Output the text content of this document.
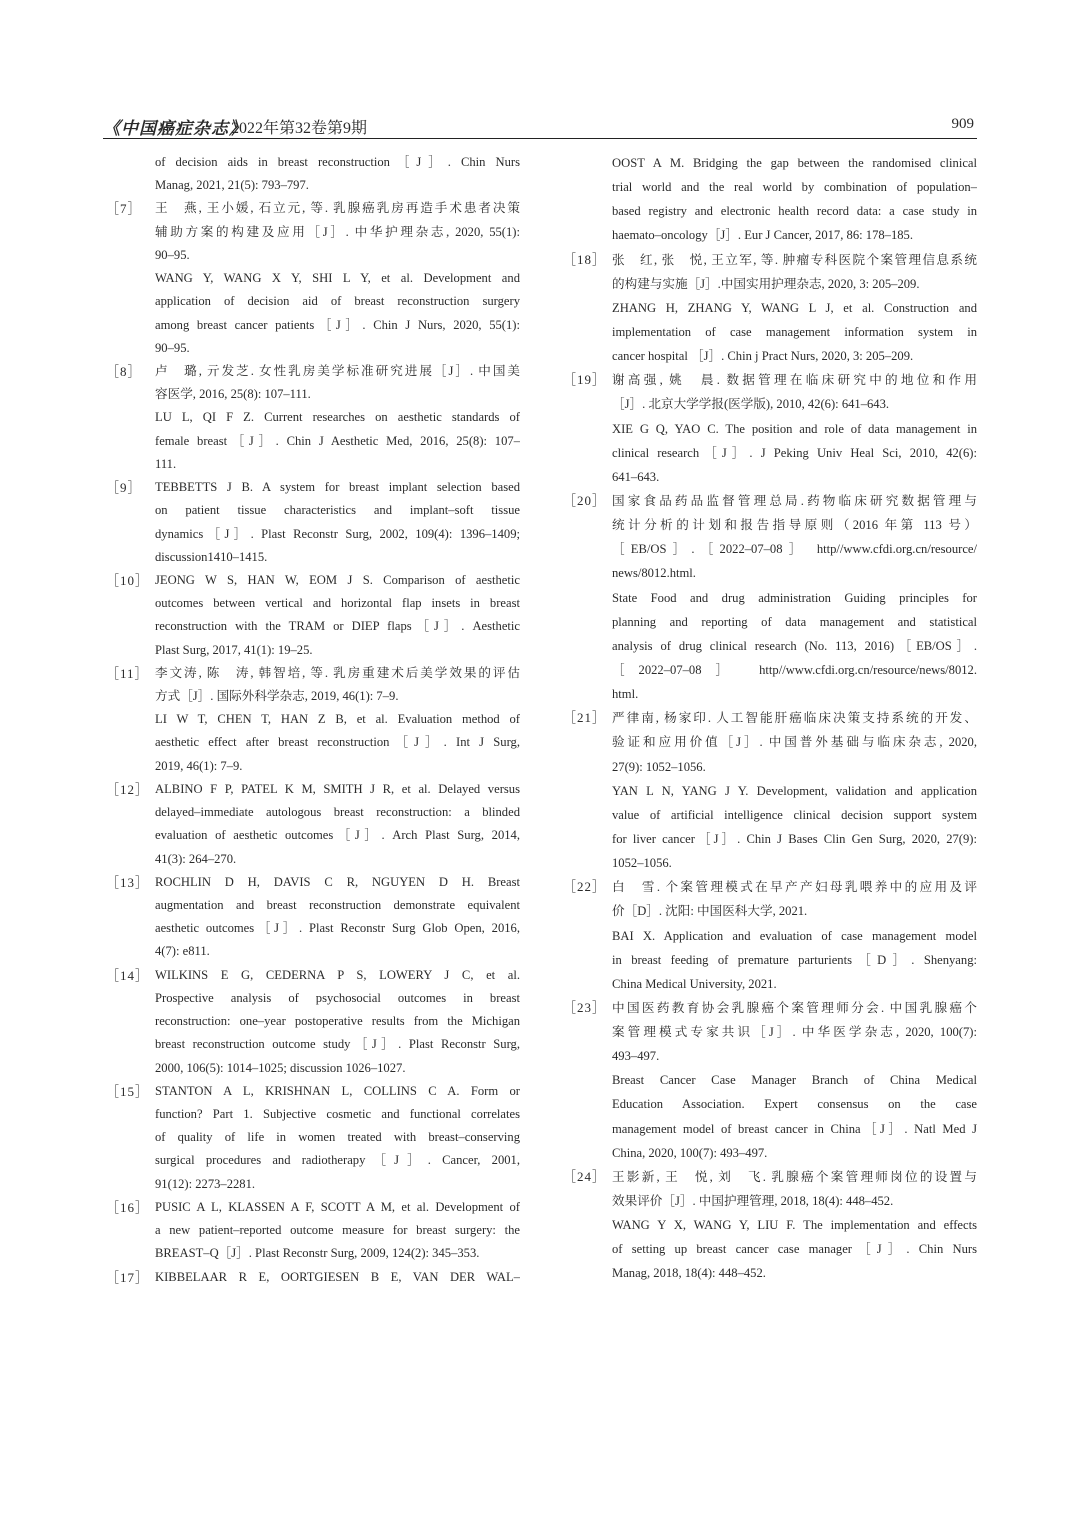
《中国癌症杂志》
2022年第32卷第9期	909
of decision aids in breast reconstruction［J］. Chin Nurs
Manag, 2021, 21(5): 793–797.
［7］ 王　燕, 王小媛, 石立元, 等. 乳腺癌乳房再造手术患者决策
辅助方案的构建及应用［J］. 中华护理杂志, 2020, 55(1):
90–95.
WANG Y, WANG X Y, SHI L Y, et al. Development and
application of decision aid of breast reconstruction surgery
among breast cancer patients［J］. Chin J Nurs, 2020, 55(1):
90–95.
［8］ 卢　璐, 亓发芝. 女性乳房美学标准研究进展［J］. 中国美
容医学, 2016, 25(8): 107–111.
LU L, QI F Z. Current researches on aesthetic standards of
female breast［J］. Chin J Aesthetic Med, 2016, 25(8): 107–
111.
［9］ TEBBETTS J B. A system for breast implant selection based
on patient tissue characteristics and implant–soft tissue
dynamics［J］. Plast Reconstr Surg, 2002, 109(4): 1396–1409;
discussion1410–1415.
［10］ JEONG W S, HAN W, EOM J S. Comparison of aesthetic
outcomes between vertical and horizontal flap insets in breast
reconstruction with the TRAM or DIEP flaps［J］. Aesthetic
Plast Surg, 2017, 41(1): 19–25.
［11］ 李文涛, 陈　涛, 韩智培, 等. 乳房重建术后美学效果的评估
方式［J］. 国际外科学杂志, 2019, 46(1): 7–9.
LI W T, CHEN T, HAN Z B, et al. Evaluation method of
aesthetic effect after breast reconstruction［J］. Int J Surg,
2019, 46(1): 7–9.
［12］ ALBINO F P, PATEL K M, SMITH J R, et al. Delayed versus
delayed–immediate autologous breast reconstruction: a blinded
evaluation of aesthetic outcomes［J］. Arch Plast Surg, 2014,
41(3): 264–270.
［13］ ROCHLIN D H, DAVIS C R, NGUYEN D H. Breast
augmentation and breast reconstruction demonstrate equivalent
aesthetic outcomes［J］. Plast Reconstr Surg Glob Open, 2016,
4(7): e811.
［14］ WILKINS E G, CEDERNA P S, LOWERY J C, et al.
Prospective analysis of psychosocial outcomes in breast
reconstruction: one–year postoperative results from the Michigan
breast reconstruction outcome study［J］. Plast Reconstr Surg,
2000, 106(5): 1014–1025; discussion 1026–1027.
［15］ STANTON A L, KRISHNAN L, COLLINS C A. Form or
function? Part 1. Subjective cosmetic and functional correlates
of quality of life in women treated with breast–conserving
surgical procedures and radiotherapy［J］. Cancer, 2001,
91(12): 2273–2281.
［16］ PUSIC A L, KLASSEN A F, SCOTT A M, et al. Development of
a new patient–reported outcome measure for breast surgery: the
BREAST–Q［J］. Plast Reconstr Surg, 2009, 124(2): 345–353.
［17］ KIBBELAAR R E, OORTGIESEN B E, VAN DER WAL–
OOST A M. Bridging the gap between the randomised clinical
trial world and the real world by combination of population–
based registry and electronic health record data: a case study in
haemato–oncology［J］. Eur J Cancer, 2017, 86: 178–185.
［18］ 张　红, 张　悦, 王立军, 等. 肿瘤专科医院个案管理信息系统
的构建与实施［J］.中国实用护理杂志, 2020, 3: 205–209.
ZHANG H, ZHANG Y, WANG L J, et al. Construction and
implementation of case management information system in
cancer hospital ［J］. Chin j Pract Nurs, 2020, 3: 205–209.
［19］ 谢高强, 姚　晨. 数据管理在临床研究中的地位和作用
［J］. 北京大学学报(医学版), 2010, 42(6): 641–643.
XIE G Q, YAO C. The position and role of data management in
clinical research［J］. J Peking Univ Heal Sci, 2010, 42(6):
641–643.
［20］ 国家食品药品监督管理总局.药物临床研究数据管理与
统计分析的计划和报告指导原则（2016 年第 113 号）
［EB/OS］.［2022–07–08］ http//www.cfdi.org.cn/resource/
news/8012.html.
State Food and drug administration Guiding principles for
planning and reporting of data management and statistical
analysis of drug clinical research (No. 113, 2016)［EB/OS］.
［2022–07–08］ http//www.cfdi.org.cn/resource/news/8012.
html.
［21］ 严律南, 杨家印. 人工智能肝癌临床决策支持系统的开发、
验证和应用价值［J］. 中国普外基础与临床杂志, 2020,
27(9): 1052–1056.
YAN L N, YANG J Y. Development, validation and application
value of artificial intelligence clinical decision support system
for liver cancer［J］. Chin J Bases Clin Gen Surg, 2020, 27(9):
1052–1056.
［22］ 白　雪. 个案管理模式在早产产妇母乳喂养中的应用及评
价［D］. 沈阳: 中国医科大学, 2021.
BAI X. Application and evaluation of case management model
in breast feeding of premature parturients［D］. Shenyang:
China Medical University, 2021.
［23］ 中国医药教育协会乳腺癌个案管理师分会. 中国乳腺癌个
案管理模式专家共识［J］. 中华医学杂志, 2020, 100(7):
493–497.
Breast Cancer Case Manager Branch of China Medical
Education Association. Expert consensus on the case
management model of breast cancer in China［J］. Natl Med J
China, 2020, 100(7): 493–497.
［24］ 王影新, 王　悦, 刘　飞. 乳腺癌个案管理师岗位的设置与
效果评价［J］. 中国护理管理, 2018, 18(4): 448–452.
WANG Y X, WANG Y, LIU F. The implementation and effects
of setting up breast cancer case manager［J］. Chin Nurs
Manag, 2018, 18(4): 448–452.
